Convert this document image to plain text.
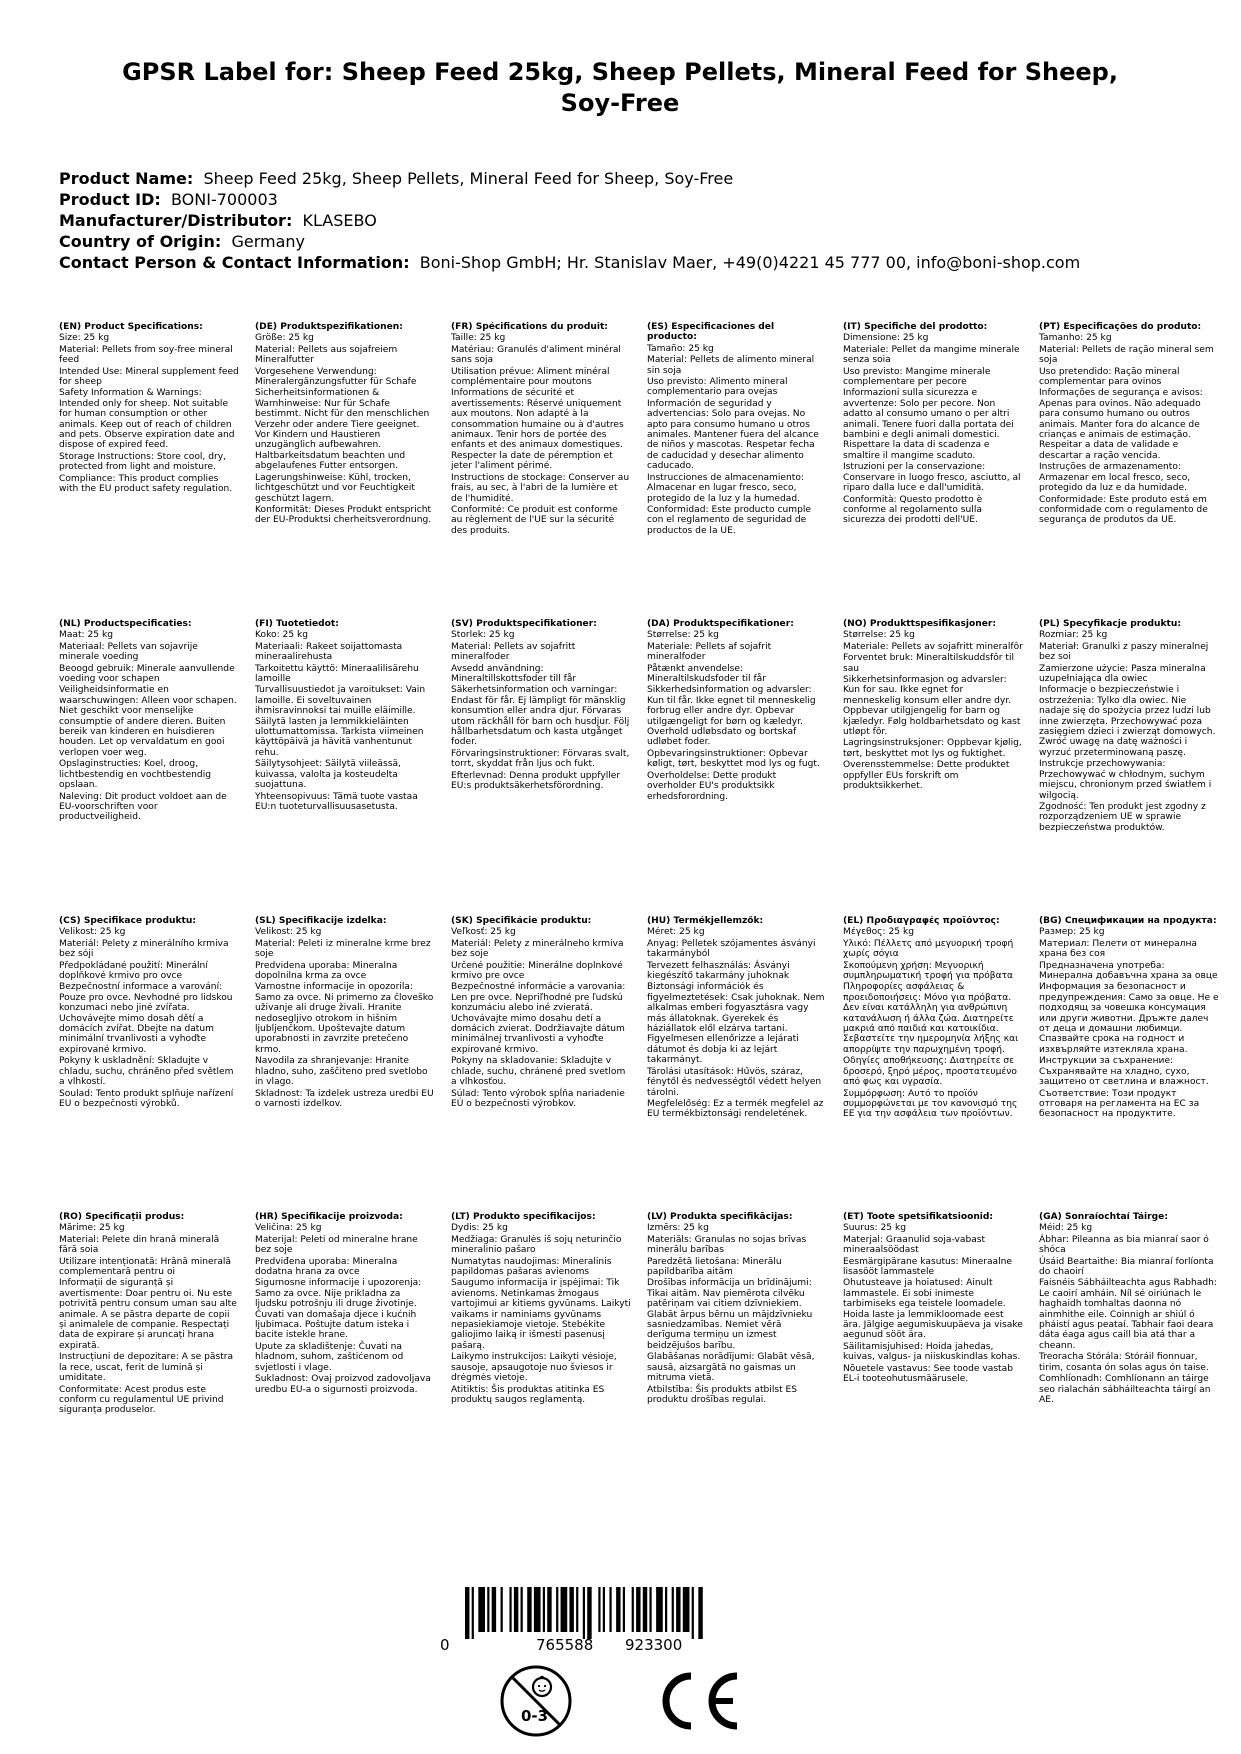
GPSR Label for: Sheep Feed 25kg, Sheep Pellets, Mineral Feed for Sheep, Soy-Free
Product Name: Sheep Feed 25kg, Sheep Pellets, Mineral Feed for Sheep, Soy-Free
Product ID: BONI-700003
Manufacturer/Distributor: KLASEBO
Country of Origin: Germany
Contact Person & Contact Information: Boni-Shop GmbH; Hr. Stanislav Maer, +49(0)4221 45 777 00, info@boni-shop.com
(EN) Product Specifications:
Size: 25 kg
Material: Pellets from soy-free mineral feed
Intended Use: Mineral supplement feed for sheep
Safety Information & Warnings: Intended only for sheep. Not suitable for human consumption or other animals. Keep out of reach of children and pets. Observe expiration date and dispose of expired feed.
Storage Instructions: Store cool, dry, protected from light and moisture.
Compliance: This product complies with the EU product safety regulation.
(DE) Produktspezifikationen:
Größe: 25 kg
Material: Pellets aus sojafreiem Mineralfutter
Vorgesehene Verwendung: Mineralergänzungsfutter für Schafe
Sicherheitsinformationen & Warnhinweise: Nur für Schafe bestimmt. Nicht für den menschlichen Verzehr oder andere Tiere geeignet. Vor Kindern und Haustieren unzugänglich aufbewahren. Haltbarkeitsdatum beachten und abgelaufenes Futter entsorgen.
Lagerungshinweise: Kühl, trocken, lichtgeschützt und vor Feuchtigkeit geschützt lagern.
Konformität: Dieses Produkt entspricht der EU-Produktsi cherheitsverordnung.
(FR) Spécifications du produit:
Taille: 25 kg
Matériau: Granulés d'aliment minéral sans soja
Utilisation prévue: Aliment minéral complémentaire pour moutons
Informations de sécurité et avertissements: Réservé uniquement aux moutons. Non adapté à la consommation humaine ou à d'autres animaux. Tenir hors de portée des enfants et des animaux domestiques. Respecter la date de péremption et jeter l'aliment périmé.
Instructions de stockage: Conserver au frais, au sec, à l'abri de la lumière et de l'humidité.
Conformité: Ce produit est conforme au règlement de l'UE sur la sécurité des produits.
(ES) Especificaciones del producto:
Tamaño: 25 kg
Material: Pellets de alimento mineral sin soja
Uso previsto: Alimento mineral complementario para ovejas
Información de seguridad y advertencias: Solo para ovejas. No apto para consumo humano u otros animales. Mantener fuera del alcance de niños y mascotas. Respetar fecha de caducidad y desechar alimento caducado.
Instrucciones de almacenamiento: Almacenar en lugar fresco, seco, protegido de la luz y la humedad.
Conformidad: Este producto cumple con el reglamento de seguridad de productos de la UE.
(IT) Specifiche del prodotto:
Dimensione: 25 kg
Materiale: Pellet da mangime minerale senza soia
Uso previsto: Mangime minerale complementare per pecore
Informazioni sulla sicurezza e avvertenze: Solo per pecore. Non adatto al consumo umano o per altri animali. Tenere fuori dalla portata dei bambini e degli animali domestici. Rispettare la data di scadenza e smaltire il mangime scaduto.
Istruzioni per la conservazione: Conservare in luogo fresco, asciutto, al riparo dalla luce e dall'umidità.
Conformità: Questo prodotto è conforme al regolamento sulla sicurezza dei prodotti dell'UE.
(PT) Especificações do produto:
Tamanho: 25 kg
Material: Pellets de ração mineral sem soja
Uso pretendido: Ração mineral complementar para ovinos
Informações de segurança e avisos: Apenas para ovinos. Não adequado para consumo humano ou outros animais. Manter fora do alcance de crianças e animais de estimação. Respeitar a data de validade e descartar a ração vencida.
Instruções de armazenamento: Armazenar em local fresco, seco, protegido da luz e da humidade.
Conformidade: Este produto está em conformidade com o regulamento de segurança de produtos da UE.
(NL) Productspecificaties:
Maat: 25 kg
Materiaal: Pellets van sojavrije minerale voeding
Beoogd gebruik: Minerale aanvullende voeding voor schapen
Veiligheidsinformatie en waarschuwingen: Alleen voor schapen. Niet geschikt voor menselijke consumptie of andere dieren. Buiten bereik van kinderen en huisdieren houden. Let op vervaldatum en gooi verlopen voer weg.
Opslaginstructies: Koel, droog, lichtbestendig en vochtbestendig opslaan.
Naleving: Dit product voldoet aan de EU-voorschriften voor productveiligheid.
(FI) Tuotetiedot:
Koko: 25 kg
Materiaali: Rakeet soijattomasta mineraalirehusta
Tarkoitettu käyttö: Mineraalilisärehu lamoille
Turvallisuustiedot ja varoitukset: Vain lamoille. Ei soveltuvainen ihmisravinnoksi tai muille eläimille. Säilytä lasten ja lemmikkieläinten ulottumattomissa. Tarkista viimeinen käyttöpäivä ja hävitä vanhentunut rehu.
Säilytysohjeet: Säilytä viileässä, kuivassa, valolta ja kosteudelta suojattuna.
Yhteensopivuus: Tämä tuote vastaa EU:n tuoteturvallisuusasetusta.
(SV) Produktspecifikationer:
Storlek: 25 kg
Material: Pellets av sojafritt mineralfoder
Avsedd användning: Mineraltillskottsfoder till får
Säkerhetsinformation och varningar: Endast för får. Ej lämpligt för mänsklig konsumtion eller andra djur. Förvaras utom räckhåll för barn och husdjur. Följ hållbarhetsdatum och kasta utgånget foder.
Förvaringsinstruktioner: Förvaras svalt, torrt, skyddat från ljus och fukt.
Efterlevnad: Denna produkt uppfyller EU:s produktsäkerhetsförordning.
(DA) Produktspecifikationer:
Størrelse: 25 kg
Materiale: Pellets af sojafrit mineralfoder
Påtænkt anvendelse: Mineraltilskudsfoder til får
Sikkerhedsinformation og advarsler: Kun til får. Ikke egnet til menneskelig forbrug eller andre dyr. Opbevar utilgængeligt for børn og kæledyr. Overhold udløbsdato og bortskaf udløbet foder.
Opbevaringsinstruktioner: Opbevar køligt, tørt, beskyttet mod lys og fugt.
Overholdelse: Dette produkt overholder EU's produktsikk erhedsforordning.
(NO) Produkttspesifikasjoner:
Størrelse: 25 kg
Materiale: Pellets av sojafritt mineralfôr
Forventet bruk: Mineraltilskuddsfôr til sau
Sikkerhetsinformasjon og advarsler: Kun for sau. Ikke egnet for menneskelig konsum eller andre dyr. Oppbevar utilgjengelig for barn og kjæledyr. Følg holdbarhetsdato og kast utløpt fôr.
Lagringsinstruksjoner: Oppbevar kjølig, tørt, beskyttet mot lys og fuktighet.
Overensstemmelse: Dette produktet oppfyller EUs forskrift om produktsikkerhet.
(PL) Specyfikacje produktu:
Rozmiar: 25 kg
Materiał: Granulki z paszy mineralnej bez soi
Zamierzone użycie: Pasza mineralna uzupełniająca dla owiec
Informacje o bezpieczeństwie i ostrzeżenia: Tylko dla owiec. Nie nadaje się do spożycia przez ludzi lub inne zwierzęta. Przechowywać poza zasięgiem dzieci i zwierząt domowych. Zwróć uwagę na datę ważności i wyrzuć przeterminowaną paszę.
Instrukcje przechowywania: Przechowywać w chłodnym, suchym miejscu, chronionym przed światłem i wilgocią.
Zgodność: Ten produkt jest zgodny z rozporządzeniem UE w sprawie bezpieczeństwa produktów.
(CS) Specifikace produktu:
Velikost: 25 kg
Materiál: Pelety z minerálního krmiva bez sóji
Předpokládané použití: Minerální doplňkové krmivo pro ovce
Bezpečnostní informace a varování: Pouze pro ovce. Nevhodné pro lidskou konzumaci nebo jiné zvířata. Uchovávejte mimo dosah dětí a domácích zvířat. Dbejte na datum minimální trvanlivosti a vyhoďte expirované krmivo.
Pokyny k uskladnění: Skladujte v chladu, suchu, chráněno před světlem a vlhkostí.
Soulad: Tento produkt splňuje nařízení EU o bezpečnosti výrobků.
(SL) Specifikacije izdelka:
Velikost: 25 kg
Material: Peleti iz mineralne krme brez soje
Predvidena uporaba: Mineralna dopolnilna krma za ovce
Varnostne informacije in opozorila: Samo za ovce. Ni primerno za človeško uživanje ali druge živali. Hranite nedosegljivo otrokom in hišnim ljubljenčkom. Upoštevajte datum uporabnosti in zavrzite pretečeno krmo.
Navodila za shranjevanje: Hranite hladno, suho, zaščiteno pred svetlobo in vlago.
Skladnost: Ta izdelek ustreza uredbi EU o varnosti izdelkov.
(SK) Špecifikácie produktu:
Veľkosť: 25 kg
Materiál: Pelety z minerálneho krmiva bez soje
Určené použitie: Minerálne doplnkové krmivo pre ovce
Bezpečnostné informácie a varovania: Len pre ovce. Nepriľhodné pre ľudskú konzumáciu alebo iné zvieratá. Uchovávajte mimo dosahu detí a domácich zvierat. Dodržiavajte dátum minimálnej trvanlivosti a vyhoďte expirované krmivo.
Pokyny na skladovanie: Skladujte v chlade, suchu, chránené pred svetlom a vlhkosťou.
Súlad: Tento výrobok spĺňa nariadenie EÚ o bezpečnosti výrobkov.
(HU) Termékjellemzők:
Méret: 25 kg
Anyag: Pelletek szójamentes ásványi takarmányból
Tervezett felhasználás: Ásványi kiegészítő takarmány juhoknak
Biztonsági információk és figyelmeztetések: Csak juhoknak. Nem alkalmas emberi fogyasztásra vagy más állatoknak. Gyerekek és háziállatok elől elzárva tartani. Figyelmesen ellenőrizze a lejárati dátumot és dobja ki az lejárt takarmányt.
Tárolási utasítások: Hűvös, száraz, fénytől és nedvességtől védett helyen tárolni.
Megfelelőség: Ez a termék megfelel az EU termékbiztonsági rendeletének.
(EL) Προδιαγραφές προϊόντος:
Μέγεθος: 25 kg
Υλικό: Πέλλετς από μεγυορική τροφή χωρίς σόγια
Σκοπούμενη χρήση: Μεγυορική συμπληρωματική τροφή για πρόβατα
Πληροφορίες ασφάλειας & προειδοποιήσεις: Μόνο για πρόβατα. Δεν είναι κατάλληλη για ανθρώπινη κατανάλωση ή άλλα ζώα. Διατηρείτε μακριά από παιδιά και κατοικίδια. Σεβαστείτε την ημερομηνία λήξης και απορρίψτε την παρωχημένη τροφή.
Οδηγίες αποθήκευσης: Διατηρείτε σε δροσερό, ξηρό μέρος, προστατευμένο από φως και υγρασία.
Συμμόρφωση: Αυτό το προϊόν συμμορφώνεται με τον κανονισμό της ΕΕ για την ασφάλεια των προϊόντων.
(BG) Спецификации на продукта:
Размер: 25 kg
Материал: Пелети от минерална храна без соя
Предназначена употреба: Минерална добавъчна храна за овце
Информация за безопасност и предупреждения: Само за овце. Не е подходящ за човешка консумация или други животни. Дръжте далеч от деца и домашни любимци. Спазвайте срока на годност и изхвърляйте изтекляла храна.
Инструкции за съхранение: Съхранявайте на хладно, сухо, защитено от светлина и влажност.
Съответствие: Този продукт отговаря на регламента на ЕС за безопасност на продуктите.
(RO) Specificații produs:
Mărime: 25 kg
Material: Pelete din hrană minerală fără soia
Utilizare intenționată: Hrână minerală complementară pentru oi
Informații de siguranță și avertismente: Doar pentru oi. Nu este potrivită pentru consum uman sau alte animale. A se păstra departe de copii și animalele de companie. Respectați data de expirare și aruncați hrana expirată.
Instrucțiuni de depozitare: A se păstra la rece, uscat, ferit de lumină și umiditate.
Conformitate: Acest produs este conform cu regulamentul UE privind siguranța produselor.
(HR) Specifikacije proizvoda:
Veličina: 25 kg
Materijal: Peleti od mineralne hrane bez soje
Predviđena uporaba: Mineralna dodatna hrana za ovce
Sigurnosne informacije i upozorenja: Samo za ovce. Nije prikladna za ljudsku potrošnju ili druge životinje. Čuvati van domašaja djece i kućnih ljubimaca. Poštujte datum isteka i bacite istekle hrane.
Upute za skladištenje: Čuvati na hladnom, suhom, zaštićenom od svjetlosti i vlage.
Sukladnost: Ovaj proizvod zadovoljava uredbu EU-a o sigurnosti proizvoda.
(LT) Produkto specifikacijos:
Dydis: 25 kg
Medžiaga: Granulės iš sojų neturinčio mineralinio pašaro
Numatytas naudojimas: Mineralinis papildomas pašaras avienoms
Saugumo informacija ir įspėjimai: Tik avienoms. Netinkamas žmogaus vartojimui ar kitiems gyvūnams. Laikyti vaikams ir naminiams gyvūnams nepasiekiamoje vietoje. Stebėkite galiojimo laiką ir išmesti pasenusį pašarą.
Laikymo instrukcijos: Laikyti vėsioje, sausoje, apsaugotoje nuo šviesos ir drėgmės vietoje.
Atitiktis: Šis produktas atitinka ES produktų saugos reglamentą.
(LV) Produkta specifikācijas:
Izmērs: 25 kg
Materiāls: Granulas no sojas brīvas minerālu barības
Paredzētā lietošana: Minerālu papildbarība aitām
Drošības informācija un brīdinājumi: Tikai aitām. Nav piemērota cilvēku patēriņam vai citiem dzīvniekiem. Glabāt ārpus bērnu un mājdzīvnieku sasniedzamības. Nemiet vērā derīguma termiņu un izmest beidzējušos barību.
Glabāšanas norādījumi: Glabāt vēsā, sausā, aizsargātā no gaismas un mitruma vietā.
Atbilstība: Šis produkts atbilst ES produktu drošības regulai.
(ET) Toote spetsifikatsioonid:
Suurus: 25 kg
Materjal: Graanulid soja-vabast mineraalsöödast
Eesmärgipärane kasutus: Mineraalne lisasööt lammastele
Ohutusteave ja hoiatused: Ainult lammastele. Ei sobi inimeste tarbimiseks ega teistele loomadele. Hoida laste ja lemmikloomade eest ära. Jälgige aegumiskuupäeva ja visake aegunud sööt ära.
Säilitamisjuhised: Hoida jahedas, kuivas, valgus- ja niiskuskindlas kohas.
Nõuetele vastavus: See toode vastab EL-i tooteohutusmäärusele.
(GA) Sonraíochtaí Táirge:
Méid: 25 kg
Ábhar: Pileanna as bia mianraí saor ó shóca
Úsáid Beartaithe: Bia mianraí forlíonta do chaoirí
Faisnéis Sábháilteachta agus Rabhadh: Le caoirí amháin. Níl sé oiriúnach le haghaidh tomhaltas daonna nó ainmhithe eile. Coinnigh ar shiúl ó pháistí agus peataí. Tabhair faoi deara dáta éaga agus caill bia atá thar a cheann.
Treoracha Stórála: Stóráil fionnuar, tirim, cosanta ón solas agus ón taise.
Comhlíonadh: Comhlíonann an táirge seo rialachán sábháilteachta táirgí an AE.
0	765588 923300
0-3
